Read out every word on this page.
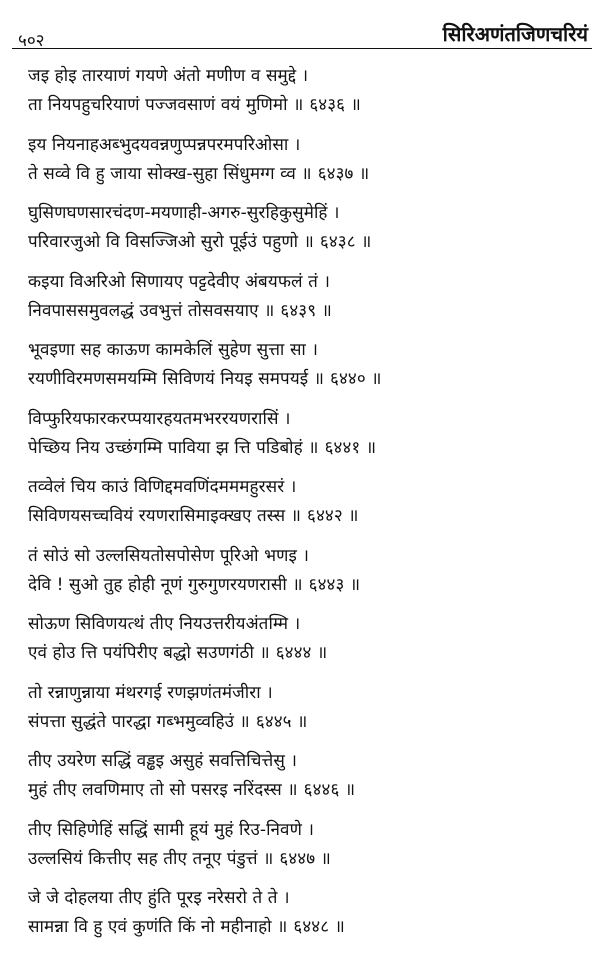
५०२	सिरिअणंतजिणचरियं
जइ होइ तारयाणं गयणे अंतो मणीण व समुद्दे ।
ता नियपहुचरियाणं पज्जवसाणं वयं मुणिमो ॥ ६४३६ ॥
इय नियनाहअब्भुदयवन्नणुप्पन्नपरमपरिओसा ।
ते सव्वे वि हु जाया सोक्ख-सुहा सिंधुमग्ग व्व ॥ ६४३७ ॥
घुसिणघणसारचंदण-मयणाही-अगरु-सुरहिकुसुमेहिं ।
परिवारजुओ वि विसज्जिओ सुरो पूईउं पहुणो ॥ ६४३८ ॥
कइया विअरिओ सिणायए पट्टदेवीए अंबयफलं तं ।
निवपाससमुवलद्धं उवभुत्तं तोसवसयाए ॥ ६४३९ ॥
भूवइणा सह काऊण कामकेलिं सुहेण सुत्ता सा ।
रयणीविरमणसमयम्मि सिविणयं नियइ समपयई ॥ ६४४० ॥
विप्फुरियफारकरप्पयारहयतमभररयणरासिं ।
पेच्छिय निय उच्छंगम्मि पाविया झ त्ति पडिबोहं ॥ ६४४१ ॥
तव्वेलं चिय काउं विणिद्दमवणिंदमममहुरसरं ।
सिविणयसच्चवियं रयणरासिमाइक्खए तस्स ॥ ६४४२ ॥
तं सोउं सो उल्लसियतोसपोसेण पूरिओ भणइ ।
देवि ! सुओ तुह होही नूणं गुरुगुणरयणरासी ॥ ६४४३ ॥
सोऊण सिविणयत्थं तीए नियउत्तरीयअंतम्मि ।
एवं होउ त्ति पयंपिरीए बद्धो सउणगंठी ॥ ६४४४ ॥
तो रन्नाणुन्नाया मंथरगई रणझणंतमंजीरा ।
संपत्ता सुद्धंते पारद्धा गब्भमुव्वहिउं ॥ ६४४५ ॥
तीए उयरेण सद्धिं वड्ढइ असुहं सवत्तिचित्तेसु ।
मुहं तीए लवणिमाए तो सो पसरइ नरिंदस्स ॥ ६४४६ ॥
तीए सिहिणेहिं सद्धिं सामी हूयं मुहं रिउ-निवणे ।
उल्लसियं कित्तीए सह तीए तनूए पंडुत्तं ॥ ६४४७ ॥
जे जे दोहलया तीए हुंति पूरइ नरेसरो ते ते ।
सामन्ना वि हु एवं कुणंति किं नो महीनाहो ॥ ६४४८ ॥
